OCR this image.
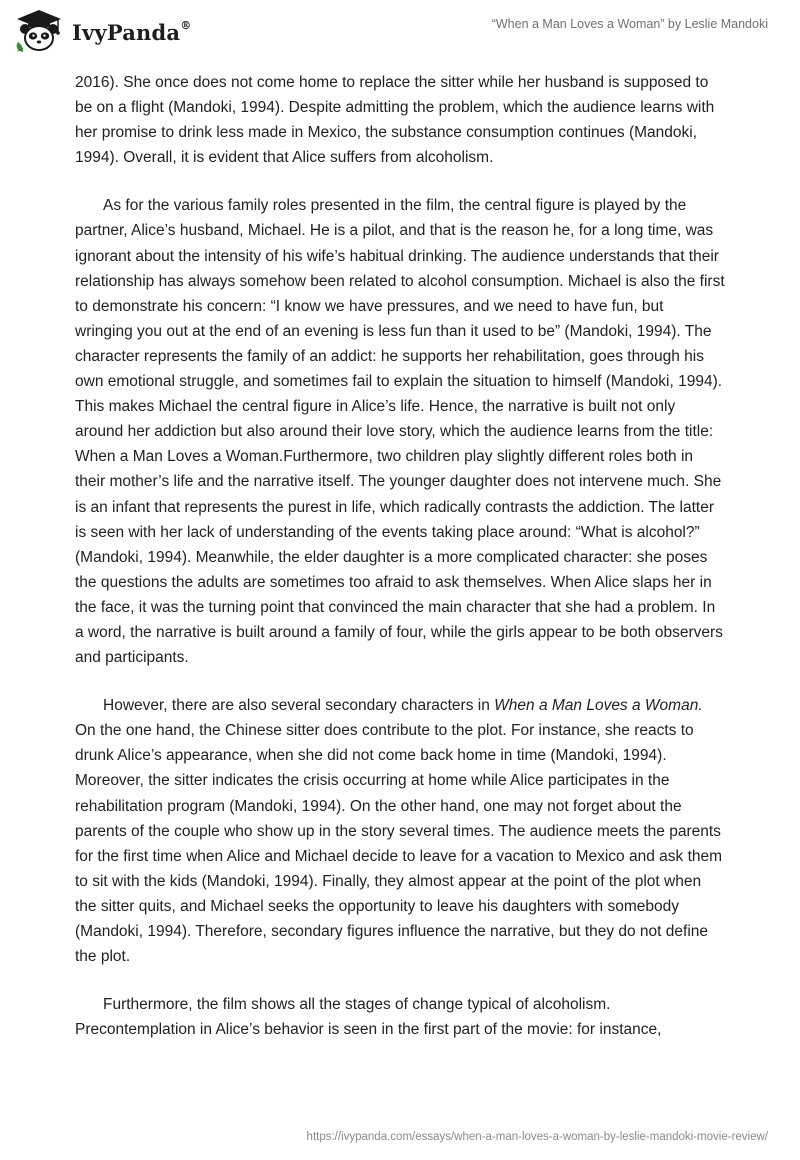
IvyPanda®	“When a Man Loves a Woman” by Leslie Mandoki

2016). She once does not come home to replace the sitter while her husband is supposed to be on a flight (Mandoki, 1994). Despite admitting the problem, which the audience learns with her promise to drink less made in Mexico, the substance consumption continues (Mandoki, 1994). Overall, it is evident that Alice suffers from alcoholism.

As for the various family roles presented in the film, the central figure is played by the partner, Alice’s husband, Michael. He is a pilot, and that is the reason he, for a long time, was ignorant about the intensity of his wife’s habitual drinking. The audience understands that their relationship has always somehow been related to alcohol consumption. Michael is also the first to demonstrate his concern: “I know we have pressures, and we need to have fun, but wringing you out at the end of an evening is less fun than it used to be” (Mandoki, 1994). The character represents the family of an addict: he supports her rehabilitation, goes through his own emotional struggle, and sometimes fail to explain the situation to himself (Mandoki, 1994). This makes Michael the central figure in Alice’s life. Hence, the narrative is built not only around her addiction but also around their love story, which the audience learns from the title: When a Man Loves a Woman.Furthermore, two children play slightly different roles both in their mother’s life and the narrative itself. The younger daughter does not intervene much. She is an infant that represents the purest in life, which radically contrasts the addiction. The latter is seen with her lack of understanding of the events taking place around: “What is alcohol?” (Mandoki, 1994). Meanwhile, the elder daughter is a more complicated character: she poses the questions the adults are sometimes too afraid to ask themselves. When Alice slaps her in the face, it was the turning point that convinced the main character that she had a problem. In a word, the narrative is built around a family of four, while the girls appear to be both observers and participants.

However, there are also several secondary characters in When a Man Loves a Woman. On the one hand, the Chinese sitter does contribute to the plot. For instance, she reacts to drunk Alice’s appearance, when she did not come back home in time (Mandoki, 1994). Moreover, the sitter indicates the crisis occurring at home while Alice participates in the rehabilitation program (Mandoki, 1994). On the other hand, one may not forget about the parents of the couple who show up in the story several times. The audience meets the parents for the first time when Alice and Michael decide to leave for a vacation to Mexico and ask them to sit with the kids (Mandoki, 1994). Finally, they almost appear at the point of the plot when the sitter quits, and Michael seeks the opportunity to leave his daughters with somebody (Mandoki, 1994). Therefore, secondary figures influence the narrative, but they do not define the plot.

Furthermore, the film shows all the stages of change typical of alcoholism. Precontemplation in Alice’s behavior is seen in the first part of the movie: for instance,

https://ivypanda.com/essays/when-a-man-loves-a-woman-by-leslie-mandoki-movie-review/
